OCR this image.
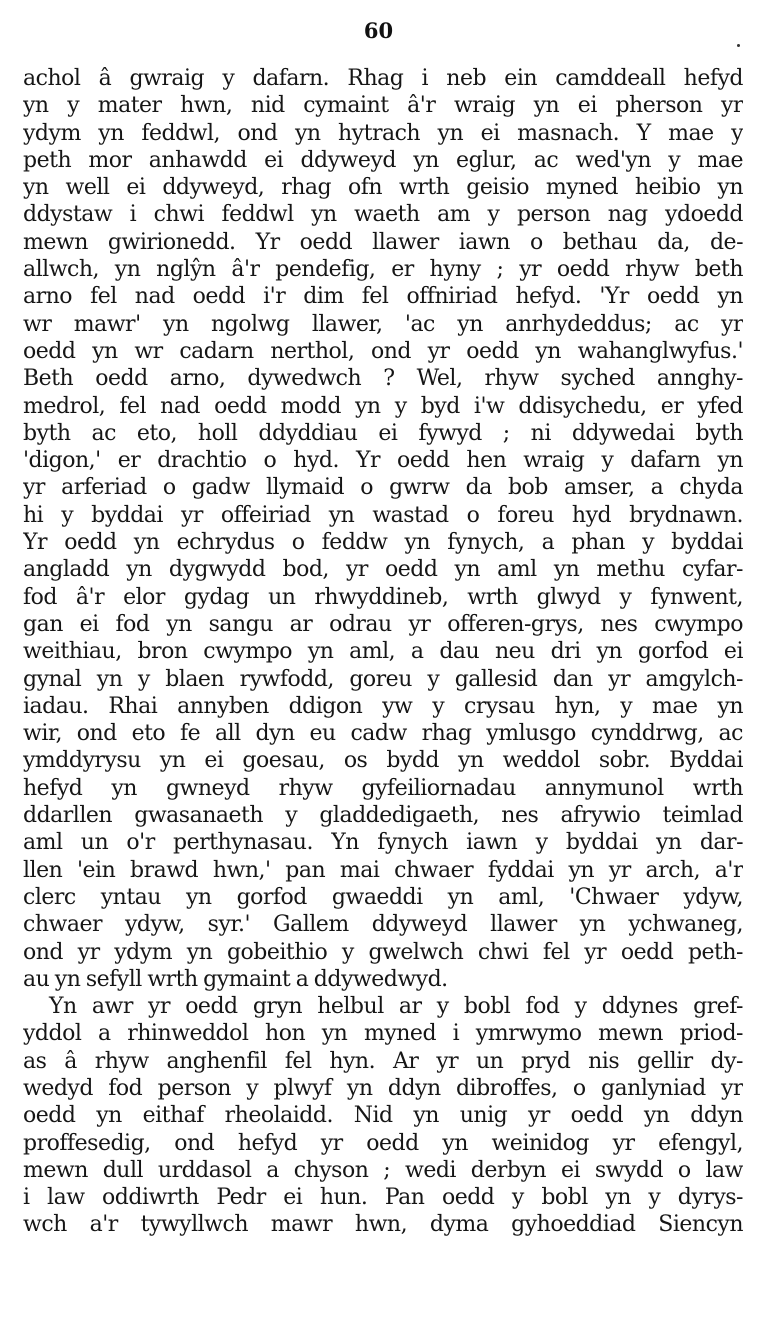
60
achol â gwraig y dafarn. Rhag i neb ein camddeall hefyd
yn y mater hwn, nid cymaint â'r wraig yn ei pherson yr
ydym yn feddwl, ond yn hytrach yn ei masnach. Y mae y
peth mor anhawdd ei ddyweyd yn eglur, ac wed'yn y mae
yn well ei ddyweyd, rhag ofn wrth geisio myned heibio yn
ddystaw i chwi feddwl yn waeth am y person nag ydoedd
mewn gwirionedd. Yr oedd llawer iawn o bethau da, de-
allwch, yn nglŷn â'r pendefig, er hyny ; yr oedd rhyw beth
arno fel nad oedd i'r dim fel offniriad hefyd. 'Yr oedd yn
wr mawr' yn ngolwg llawer, 'ac yn anrhydeddus; ac yr
oedd yn wr cadarn nerthol, ond yr oedd yn wahanglwyfus.'
Beth oedd arno, dywedwch ? Wel, rhyw syched annghy-
medrol, fel nad oedd modd yn y byd i'w ddisychedu, er yfed
byth ac eto, holl ddyddiau ei fywyd ; ni ddywedai byth
'digon,' er drachtio o hyd. Yr oedd hen wraig y dafarn yn
yr arferiad o gadw llymaid o gwrw da bob amser, a chyda
hi y byddai yr offeiriad yn wastad o foreu hyd brydnawn.
Yr oedd yn echrydus o feddw yn fynych, a phan y byddai
angladd yn dygwydd bod, yr oedd yn aml yn methu cyfar-
fod â'r elor gydag un rhwyddineb, wrth glwyd y fynwent,
gan ei fod yn sangu ar odrau yr offeren-grys, nes cwympo
weithiau, bron cwympo yn aml, a dau neu dri yn gorfod ei
gynal yn y blaen rywfodd, goreu y gallesid dan yr amgylch-
iadau. Rhai annyben ddigon yw y crysau hyn, y mae yn
wir, ond eto fe all dyn eu cadw rhag ymlusgo cynddrwg, ac
ymddyrysu yn ei goesau, os bydd yn weddol sobr. Byddai
hefyd yn gwneyd rhyw gyfeiliornadau annymunol wrth
ddarllen gwasanaeth y gladdedigaeth, nes afrywio teimlad
aml un o'r perthynasau. Yn fynych iawn y byddai yn dar-
llen 'ein brawd hwn,' pan mai chwaer fyddai yn yr arch, a'r
clerc yntau yn gorfod gwaeddi yn aml, 'Chwaer ydyw,
chwaer ydyw, syr.' Gallem ddyweyd llawer yn ychwaneg,
ond yr ydym yn gobeithio y gwelwch chwi fel yr oedd peth-
au yn sefyll wrth gymaint a ddywedwyd.
Yn awr yr oedd gryn helbul ar y bobl fod y ddynes gref-
yddol a rhinweddol hon yn myned i ymrwymo mewn priod-
as â rhyw anghenfil fel hyn. Ar yr un pryd nis gellir dy-
wedyd fod person y plwyf yn ddyn dibroffes, o ganlyniad yr
oedd yn eithaf rheolaidd. Nid yn unig yr oedd yn ddyn
proffesedig, ond hefyd yr oedd yn weinidog yr efengyl,
mewn dull urddasol a chyson ; wedi derbyn ei swydd o law
i law oddiwrth Pedr ei hun. Pan oedd y bobl yn y dyrys-
wch a'r tywyllwch mawr hwn, dyma gyhoeddiad Siencyn
